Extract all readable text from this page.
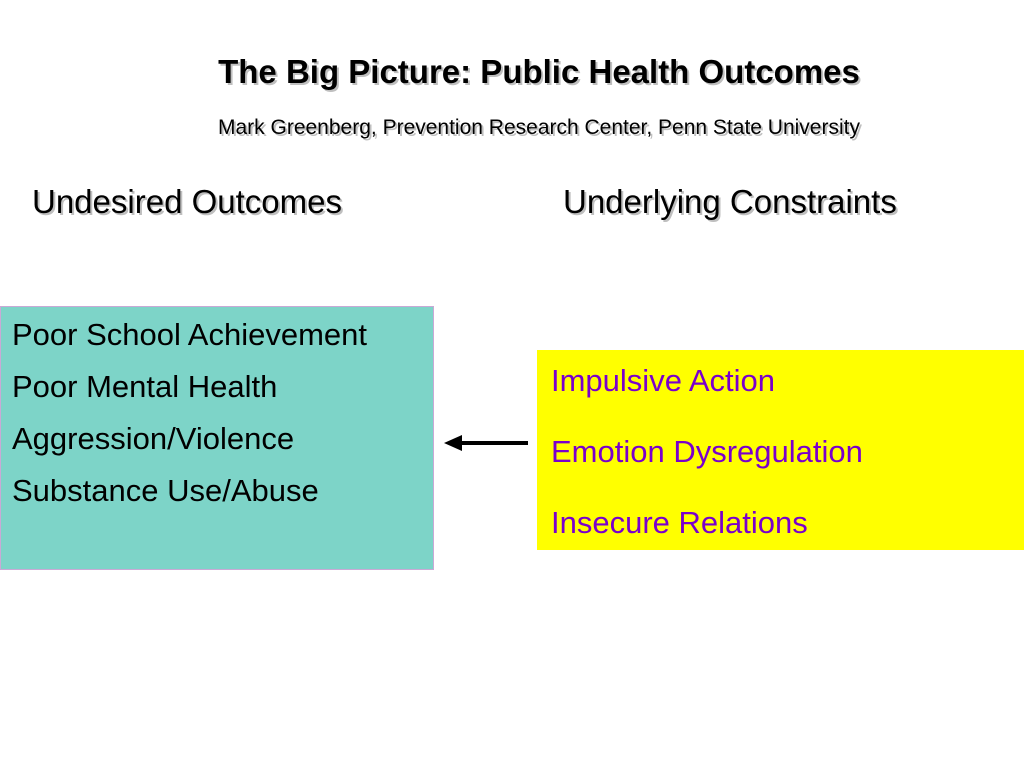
The Big Picture: Public Health Outcomes
Mark Greenberg, Prevention Research Center, Penn State University
Undesired Outcomes	Underlying Constraints
Poor School Achievement
Poor Mental Health
Aggression/Violence
Substance Use/Abuse
Impulsive Action
Emotion Dysregulation
Insecure Relations
